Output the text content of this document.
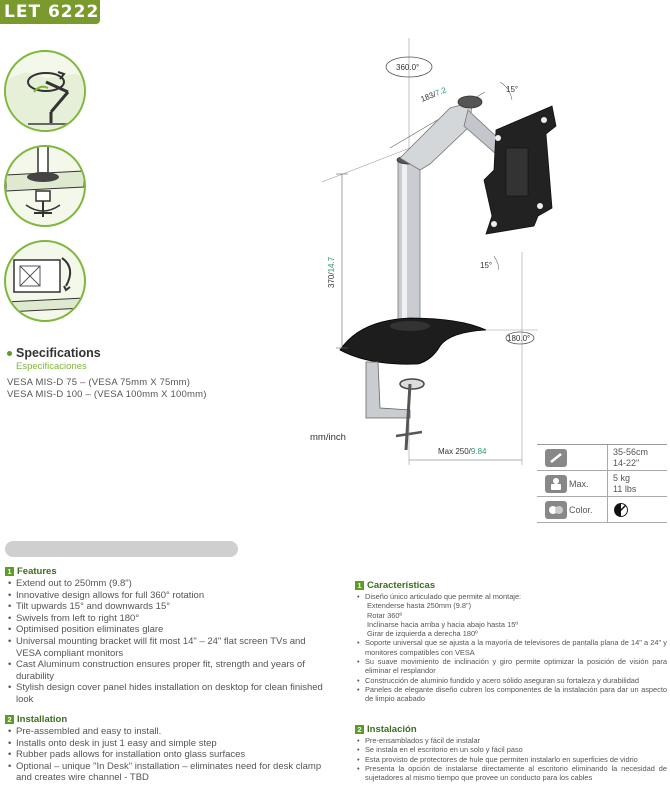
LET 6222
Specifications
Especificaciones
VESA MIS-D 75 – (VESA 75mm X 75mm)
VESA MIS-D 100 – (VESA 100mm X 100mm)
360.0°
183/7.2	15°
15°
180.0°
370/14.7
mm/inch
Max 250/9.84	35-56cm
14-22"
Max.
5 kg
11 lbs
Color.
1 Features
• Extend out to 250mm (9.8")
• Innovative design allows for full 360° rotation
• Tilt upwards 15° and downwards 15°
• Swivels from left to right 180°
• Optimised position eliminates glare
• Universal mounting bracket will fit most 14" – 24" flat screen TVs and VESA compliant monitors
• Cast Aluminum construction ensures proper fit, strength and years of durability
• Stylish design cover panel hides installation on desktop for clean finished look
2 Installation
• Pre-assembled and easy to install.
• Installs onto desk in just 1 easy and simple step
• Rubber pads allows for installation onto glass surfaces
• Optional – unique "In Desk" installation – eliminates need for desk clamp and creates wire channel - TBD
1 Características
• Diseño único articulado que permite al montaje:
Extenderse hasta 250mm (9.8")
Rotar 360º
Inclinarse hacia arriba y hacia abajo hasta 15º
Girar de izquierda a derecha 180º
• Soporte universal que se ajusta a la mayoría de televisores de pantalla plana de 14" a 24" y monitores compatibles con VESA
• Su suave movimiento de inclinación y giro permite optimizar la posición de visión para eliminar el resplandor
• Construcción de aluminio fundido y acero sólido aseguran su fortaleza y durabilidad
• Paneles de elegante diseño cubren los componentes de la instalación para dar un aspecto de limpio acabado
2 Instalación
• Pre-ensamblados y fácil de instalar
• Se instala en el escritorio en un solo y fácil paso
• Esta provisto de protectores de hule que permiten instalarlo en superficies de vidrio
• Presenta la opción de instalarse directamente al escritorio eliminando la necesidad de sujetadores al mismo tiempo que provee un conducto para los cables
